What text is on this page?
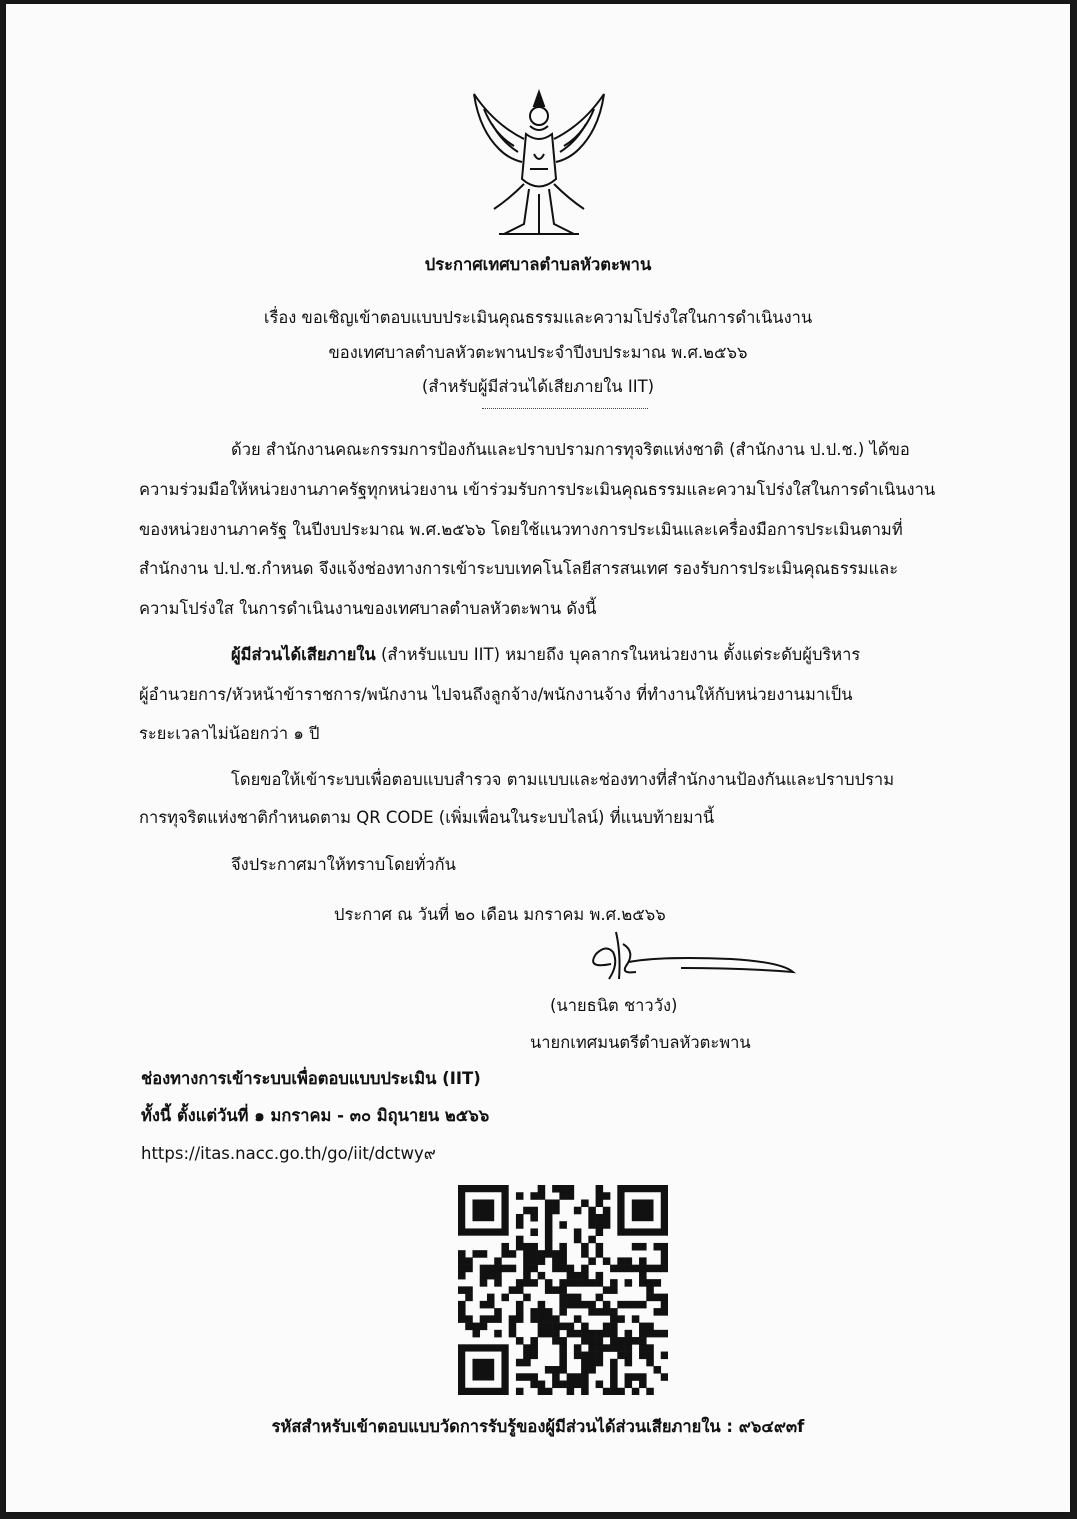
ประกาศเทศบาลตำบลหัวตะพาน
เรื่อง ขอเชิญเข้าตอบแบบประเมินคุณธรรมและความโปร่งใสในการดำเนินงาน
ของเทศบาลตำบลหัวตะพานประจำปีงบประมาณ พ.ศ.๒๕๖๖
(สำหรับผู้มีส่วนได้เสียภายใน IIT)
ด้วย สำนักงานคณะกรรมการป้องกันและปราบปรามการทุจริตแห่งชาติ (สำนักงาน ป.ป.ช.) ได้ขอ
ความร่วมมือให้หน่วยงานภาครัฐทุกหน่วยงาน เข้าร่วมรับการประเมินคุณธรรมและความโปร่งใสในการดำเนินงาน
ของหน่วยงานภาครัฐ ในปีงบประมาณ พ.ศ.๒๕๖๖ โดยใช้แนวทางการประเมินและเครื่องมือการประเมินตามที่
สำนักงาน ป.ป.ช.กำหนด จึงแจ้งช่องทางการเข้าระบบเทคโนโลยีสารสนเทศ รองรับการประเมินคุณธรรมและ
ความโปร่งใส ในการดำเนินงานของเทศบาลตำบลหัวตะพาน ดังนี้
ผู้มีส่วนได้เสียภายใน (สำหรับแบบ IIT) หมายถึง บุคลากรในหน่วยงาน ตั้งแต่ระดับผู้บริหาร
ผู้อำนวยการ/หัวหน้าข้าราชการ/พนักงาน ไปจนถึงลูกจ้าง/พนักงานจ้าง ที่ทำงานให้กับหน่วยงานมาเป็น
ระยะเวลาไม่น้อยกว่า ๑ ปี
โดยขอให้เข้าระบบเพื่อตอบแบบสำรวจ ตามแบบและช่องทางที่สำนักงานป้องกันและปราบปราม
การทุจริตแห่งชาติกำหนดตาม QR CODE (เพิ่มเพื่อนในระบบไลน์) ที่แนบท้ายมานี้
จึงประกาศมาให้ทราบโดยทั่วกัน
ประกาศ ณ วันที่ ๒๐ เดือน มกราคม พ.ศ.๒๕๖๖
(นายธนิต ชาววัง)
นายกเทศมนตรีตำบลหัวตะพาน
ช่องทางการเข้าระบบเพื่อตอบแบบประเมิน (IIT)
ทั้งนี้ ตั้งแต่วันที่ ๑ มกราคม - ๓๐ มิถุนายน ๒๕๖๖
https://itas.nacc.go.th/go/iit/dctwy๙
รหัสสำหรับเข้าตอบแบบวัดการรับรู้ของผู้มีส่วนได้ส่วนเสียภายใน : ๙๖๔๙๓f
